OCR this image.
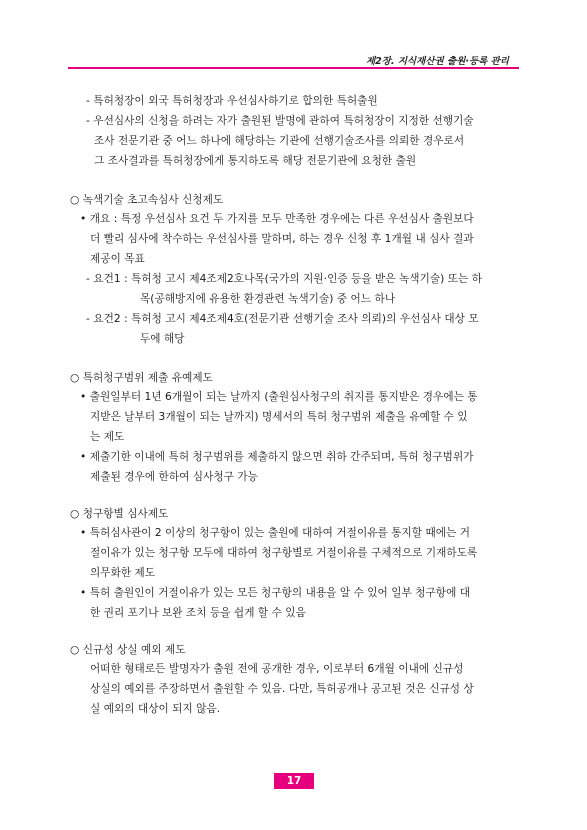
제2장. 지식재산권 출원·등록 관리
- 특허청장이 외국 특허청장과 우선심사하기로 합의한 특허출원
- 우선심사의 신청을 하려는 자가 출원된 발명에 관하여 특허청장이 지정한 선행기술
조사 전문기관 중 어느 하나에 해당하는 기관에 선행기술조사를 의뢰한 경우로서
그 조사결과를 특허청장에게 통지하도록 해당 전문기관에 요청한 출원
○ 녹색기술 초고속심사 신청제도
• 개요 : 특정 우선심사 요건 두 가지를 모두 만족한 경우에는 다른 우선심사 출원보다
더 빨리 심사에 착수하는 우선심사를 말하며, 하는 경우 신청 후 1개월 내 심사 결과
제공이 목표
- 요건1 : 특허청 고시 제4조제2호나목(국가의 지원·인증 등을 받은 녹색기술) 또는 하
목(공해방지에 유용한 환경관련 녹색기술) 중 어느 하나
- 요건2 : 특허청 고시 제4조제4호(전문기관 선행기술 조사 의뢰)의 우선심사 대상 모
두에 해당
○ 특허청구범위 제출 유예제도
• 출원일부터 1년 6개월이 되는 날까지 (출원심사청구의 취지를 통지받은 경우에는 통
지받은 날부터 3개월이 되는 날까지) 명세서의 특허 청구범위 제출을 유예할 수 있
는 제도
• 제출기한 이내에 특허 청구범위를 제출하지 않으면 취하 간주되며, 특허 청구범위가
제출된 경우에 한하여 심사청구 가능
○ 청구항별 심사제도
• 특허심사관이 2 이상의 청구항이 있는 출원에 대하여 거절이유를 통지할 때에는 거
절이유가 있는 청구항 모두에 대하여 청구항별로 거절이유를 구체적으로 기재하도록
의무화한 제도
• 특허 출원인이 거절이유가 있는 모든 청구항의 내용을 알 수 있어 일부 청구항에 대
한 권리 포기나 보완 조치 등을 쉽게 할 수 있음
○ 신규성 상실 예외 제도
어떠한 형태로든 발명자가 출원 전에 공개한 경우, 이로부터 6개월 이내에 신규성
상실의 예외를 주장하면서 출원할 수 있음. 다만, 특허공개나 공고된 것은 신규성 상
실 예외의 대상이 되지 않음.
17
